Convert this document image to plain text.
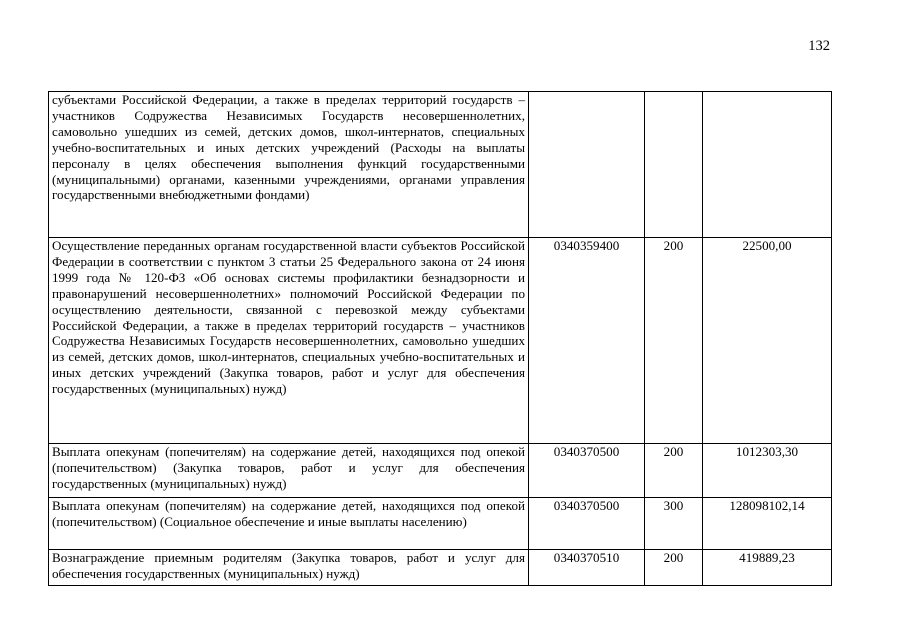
132
субъектами Российской Федерации, а также в пределах территорий государств – участников Содружества Независимых Государств несовершеннолетних, самовольно ушедших из семей, детских домов, школ-интернатов, специальных учебно-воспитательных и иных детских учреждений (Расходы на выплаты персоналу в целях обеспечения выполнения функций государственными (муниципальными) органами, казенными учреждениями, органами управления государственными внебюджетными фондами)			
Осуществление переданных органам государственной власти субъектов Российской Федерации в соответствии с пунктом 3 статьи 25 Федерального закона от 24 июня 1999 года № 120-ФЗ «Об основах системы профилактики безнадзорности и правонарушений несовершеннолетних» полномочий Российской Федерации по осуществлению деятельности, связанной с перевозкой между субъектами Российской Федерации, а также в пределах территорий государств – участников Содружества Независимых Государств несовершеннолетних, самовольно ушедших из семей, детских домов, школ-интернатов, специальных учебно-воспитательных и иных детских учреждений (Закупка товаров, работ и услуг для обеспечения государственных (муниципальных) нужд)	0340359400	200	22500,00
Выплата опекунам (попечителям) на содержание детей, находящихся под опекой (попечительством) (Закупка товаров, работ и услуг для обеспечения государственных (муниципальных) нужд)	0340370500	200	1012303,30
Выплата опекунам (попечителям) на содержание детей, находящихся под опекой (попечительством) (Социальное обеспечение и иные выплаты населению)	0340370500	300	128098102,14
Вознаграждение приемным родителям (Закупка товаров, работ и услуг для обеспечения государственных (муниципальных) нужд)	0340370510	200	419889,23
